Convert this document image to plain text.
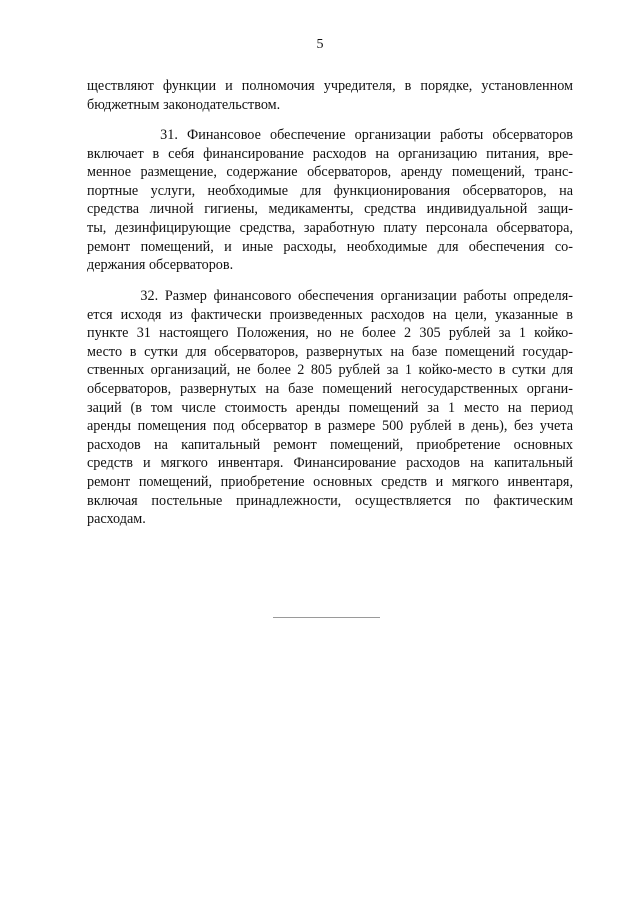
5
ществляют функции и полномочия учредителя, в порядке, установленном
бюджетным законодательством.
31. Финансовое обеспечение организации работы обсерваторов
включает в себя финансирование расходов на организацию питания, вре-
менное размещение, содержание обсерваторов, аренду помещений, транс-
портные услуги, необходимые для функционирования обсерваторов, на
средства личной гигиены, медикаменты, средства индивидуальной защи-
ты, дезинфицирующие средства, заработную плату персонала обсерватора,
ремонт помещений, и иные расходы, необходимые для обеспечения со-
держания обсерваторов.
32. Размер финансового обеспечения организации работы определя-
ется исходя из фактически произведенных расходов на цели, указанные в
пункте 31 настоящего Положения, но не более 2 305 рублей за 1 койко-
место в сутки для обсерваторов, развернутых на базе помещений государ-
ственных организаций, не более 2 805 рублей за 1 койко-место в сутки для
обсерваторов, развернутых на базе помещений негосударственных органи-
заций (в том числе стоимость аренды помещений за 1 место на период
аренды помещения под обсерватор в размере 500 рублей в день), без учета
расходов на капитальный ремонт помещений, приобретение основных
средств и мягкого инвентаря. Финансирование расходов на капитальный
ремонт помещений, приобретение основных средств и мягкого инвентаря,
включая постельные принадлежности, осуществляется по фактическим
расходам.
